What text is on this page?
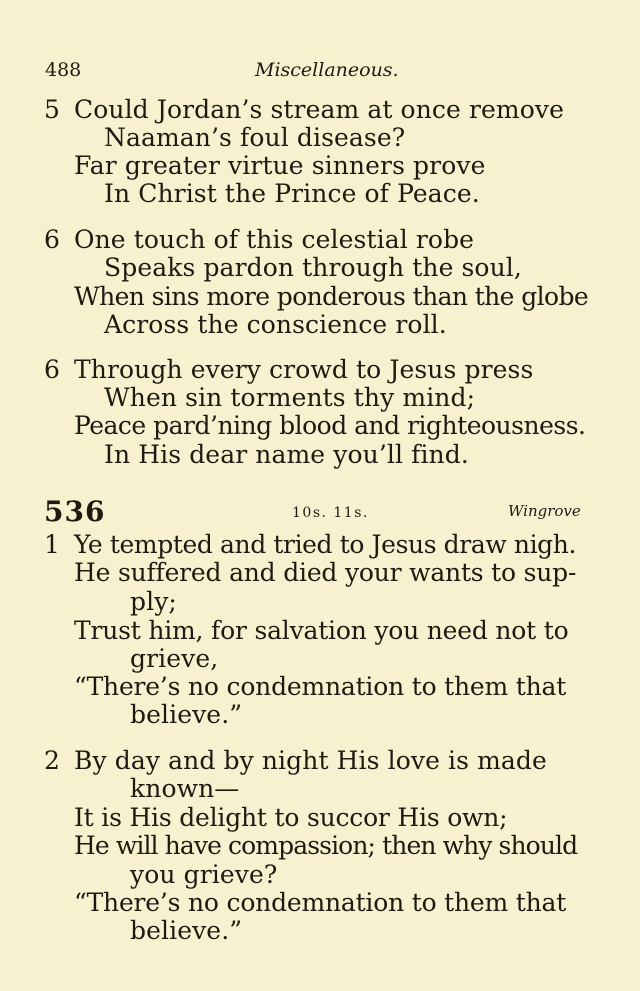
488	Miscellaneous.
5 Could Jordan’s stream at once remove
Naaman’s foul disease?
Far greater virtue sinners prove
In Christ the Prince of Peace.
6 One touch of this celestial robe
Speaks pardon through the soul,
When sins more ponderous than the globe
Across the conscience roll.
6 Through every crowd to Jesus press
When sin torments thy mind;
Peace pard’ning blood and righteousness.
In His dear name you’ll find.
536	10s. 11s.	Wingrove
1 Ye tempted and tried to Jesus draw nigh.
He suffered and died your wants to sup-
ply;
Trust him, for salvation you need not to
grieve,
“There’s no condemnation to them that
believe.”
2 By day and by night His love is made
known—
It is His delight to succor His own;
He will have compassion; then why should
you grieve?
“There’s no condemnation to them that
believe.”
